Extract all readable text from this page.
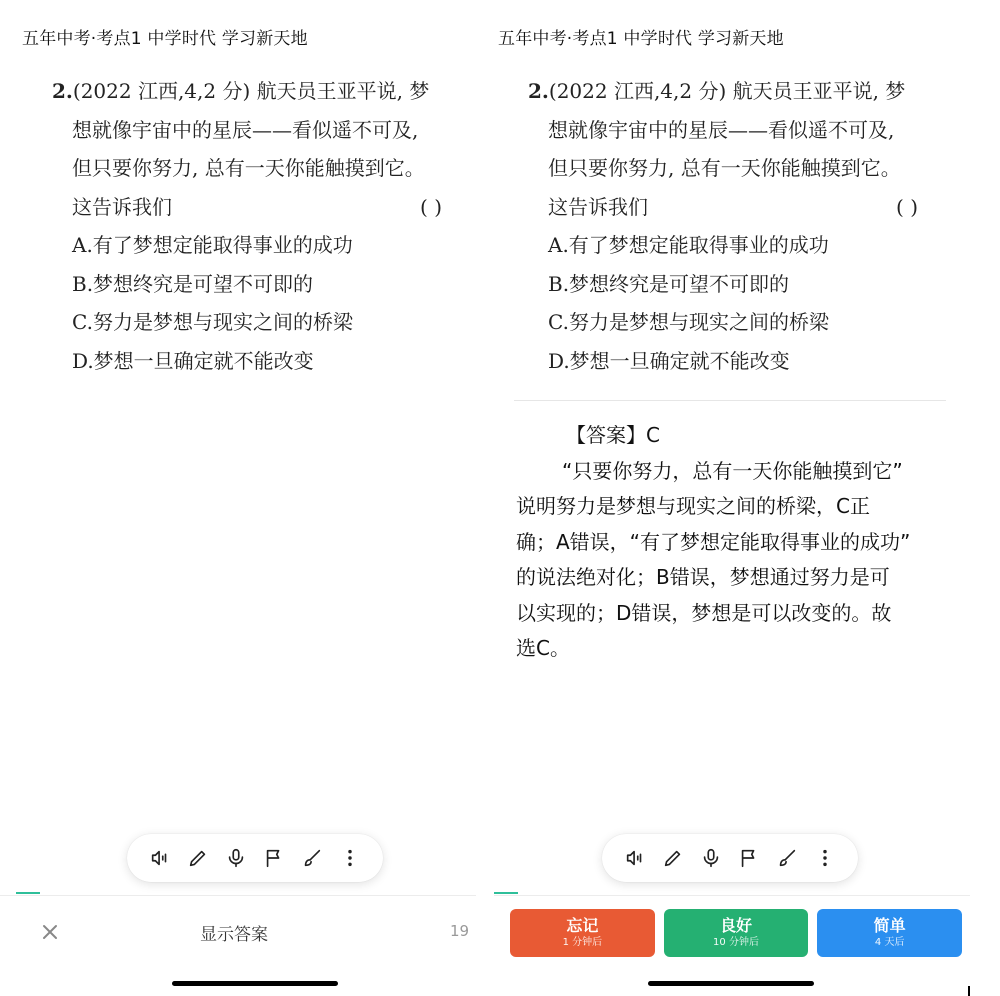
五年中考·考点1 中学时代 学习新天地
2.(2022 江西,4,2 分) 航天员王亚平说, 梦
想就像宇宙中的星辰——看似遥不可及,
但只要你努力, 总有一天你能触摸到它。
这告诉我们	( )
A.有了梦想定能取得事业的成功
B.梦想终究是可望不可即的
C.努力是梦想与现实之间的桥梁
D.梦想一旦确定就不能改变
显示答案	19
五年中考·考点1 中学时代 学习新天地
2.(2022 江西,4,2 分) 航天员王亚平说, 梦
想就像宇宙中的星辰——看似遥不可及,
但只要你努力, 总有一天你能触摸到它。
这告诉我们	( )
A.有了梦想定能取得事业的成功
B.梦想终究是可望不可即的
C.努力是梦想与现实之间的桥梁
D.梦想一旦确定就不能改变
【答案】C
“只要你努力，总有一天你能触摸到它”
说明努力是梦想与现实之间的桥梁，C正
确；A错误，“有了梦想定能取得事业的成功”
的说法绝对化；B错误，梦想通过努力是可
以实现的；D错误，梦想是可以改变的。故
选C。
忘记
1 分钟后
良好
10 分钟后
简单
4 天后
